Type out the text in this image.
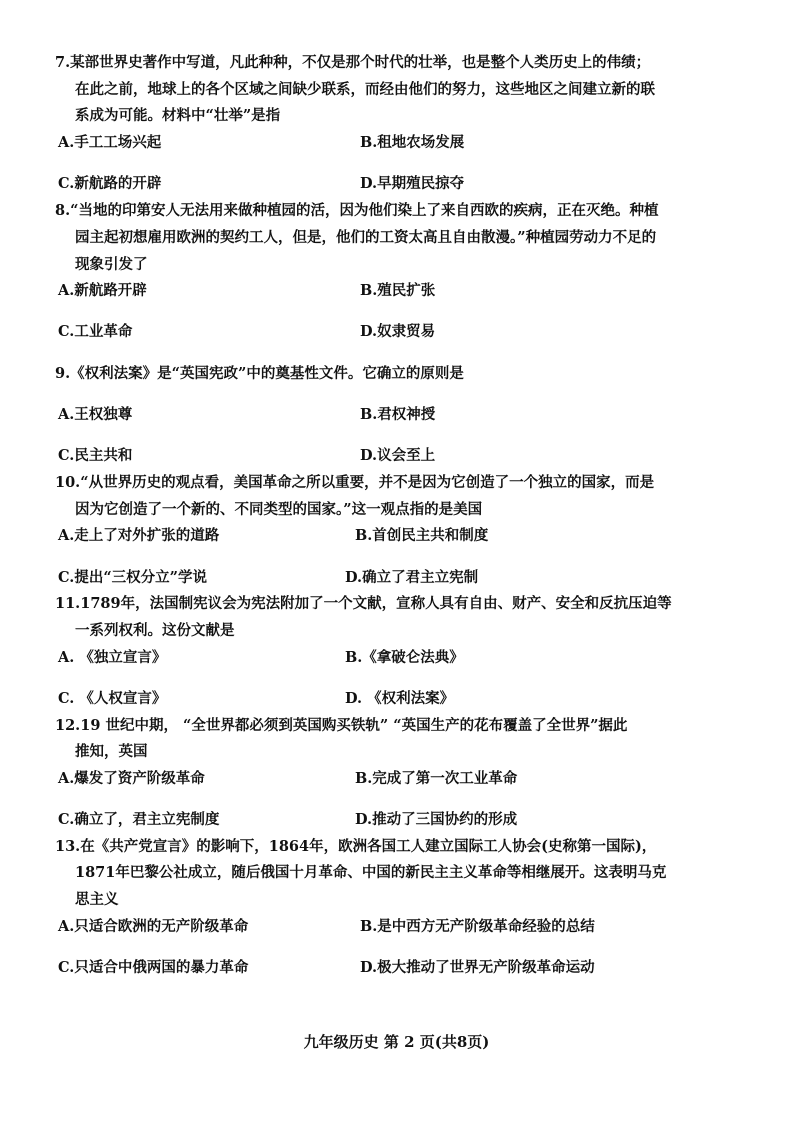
7.某部世界史著作中写道，凡此种种，不仅是那个时代的壮举，也是整个人类历史上的伟绩；
在此之前，地球上的各个区域之间缺少联系，而经由他们的努力，这些地区之间建立新的联
系成为可能。材料中“壮举”是指
A.手工工场兴起	B.租地农场发展
C.新航路的开辟	D.早期殖民掠夺
8.“当地的印第安人无法用来做种植园的活，因为他们染上了来自西欧的疾病，正在灭绝。种植
园主起初想雇用欧洲的契约工人，但是，他们的工资太高且自由散漫。”种植园劳动力不足的
现象引发了
A.新航路开辟	B.殖民扩张
C.工业革命	D.奴隶贸易
9.《权利法案》是“英国宪政”中的奠基性文件。它确立的原则是
A.王权独尊	B.君权神授
C.民主共和	D.议会至上
10.“从世界历史的观点看，美国革命之所以重要，并不是因为它创造了一个独立的国家，而是
因为它创造了一个新的、不同类型的国家。”这一观点指的是美国
A.走上了对外扩张的道路	B.首创民主共和制度
C.提出“三权分立”学说	D.确立了君主立宪制
11.1789年，法国制宪议会为宪法附加了一个文献，宣称人具有自由、财产、安全和反抗压迫等
一系列权利。这份文献是
A. 《独立宣言》	B.《拿破仑法典》
C. 《人权宣言》	D. 《权利法案》
12.19 世纪中期， “全世界都必须到英国购买铁轨” “英国生产的花布覆盖了全世界”据此
推知，英国
A.爆发了资产阶级革命	B.完成了第一次工业革命
C.确立了，君主立宪制度	D.推动了三国协约的形成
13.在《共产党宣言》的影响下，1864年，欧洲各国工人建立国际工人协会(史称第一国际)，
1871年巴黎公社成立，随后俄国十月革命、中国的新民主主义革命等相继展开。这表明马克
思主义
A.只适合欧洲的无产阶级革命	B.是中西方无产阶级革命经验的总结
C.只适合中俄两国的暴力革命	D.极大推动了世界无产阶级革命运动
九年级历史 第 2 页(共8页)
